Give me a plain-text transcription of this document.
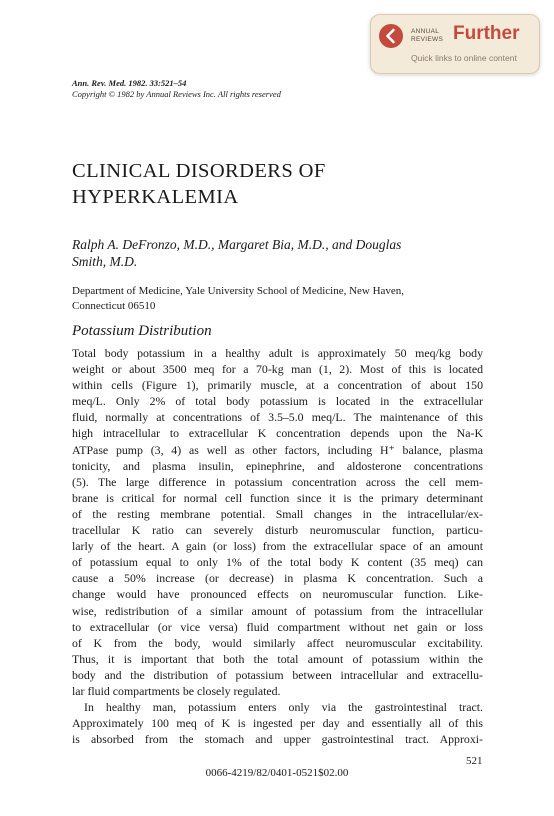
ANNUAL
REVIEWS Further
Quick links to online content
Ann. Rev. Med. 1982. 33:521–54
Copyright © 1982 by Annual Reviews Inc. All rights reserved
CLINICAL DISORDERS OF
HYPERKALEMIA
Ralph A. DeFronzo, M.D., Margaret Bia, M.D., and Douglas
Smith, M.D.
Department of Medicine, Yale University School of Medicine, New Haven,
Connecticut 06510
Potassium Distribution
Total body potassium in a healthy adult is approximately 50 meq/kg body
weight or about 3500 meq for a 70-kg man (1, 2). Most of this is located
within cells (Figure 1), primarily muscle, at a concentration of about 150
meq/L. Only 2% of total body potassium is located in the extracellular
fluid, normally at concentrations of 3.5–5.0 meq/L. The maintenance of this
high intracellular to extracellular K concentration depends upon the Na-K
ATPase pump (3, 4) as well as other factors, including H⁺ balance, plasma
tonicity, and plasma insulin, epinephrine, and aldosterone concentrations
(5). The large difference in potassium concentration across the cell mem-
brane is critical for normal cell function since it is the primary determinant
of the resting membrane potential. Small changes in the intracellular/ex-
tracellular K ratio can severely disturb neuromuscular function, particu-
larly of the heart. A gain (or loss) from the extracellular space of an amount
of potassium equal to only 1% of the total body K content (35 meq) can
cause a 50% increase (or decrease) in plasma K concentration. Such a
change would have pronounced effects on neuromuscular function. Like-
wise, redistribution of a similar amount of potassium from the intracellular
to extracellular (or vice versa) fluid compartment without net gain or loss
of K from the body, would similarly affect neuromuscular excitability.
Thus, it is important that both the total amount of potassium within the
body and the distribution of potassium between intracellular and extracellu-
lar fluid compartments be closely regulated.
In healthy man, potassium enters only via the gastrointestinal tract.
Approximately 100 meq of K is ingested per day and essentially all of this
is absorbed from the stomach and upper gastrointestinal tract. Approxi-
521
0066-4219/82/0401-0521$02.00
